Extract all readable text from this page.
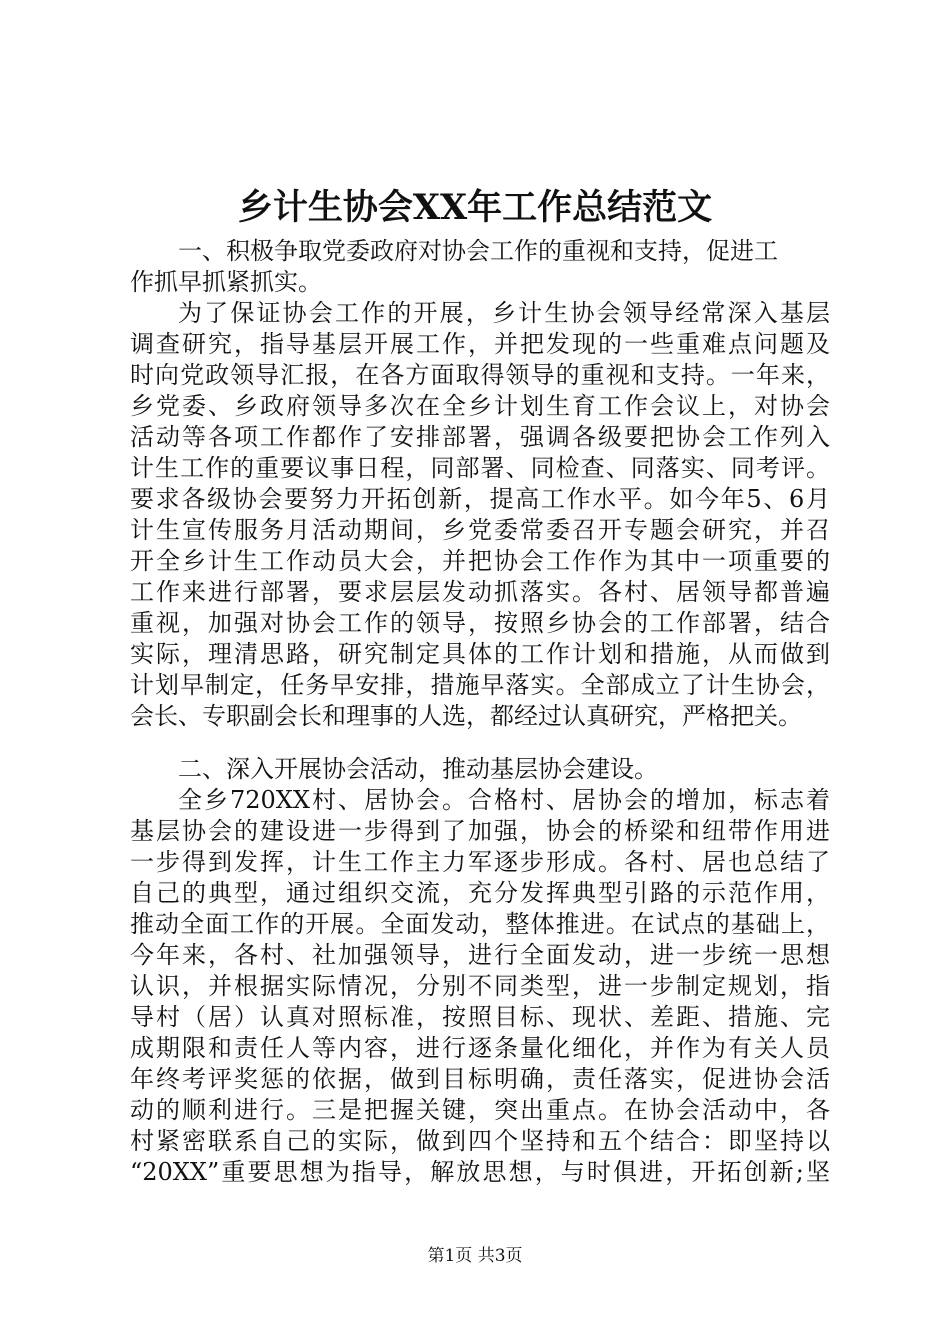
乡计生协会XX年工作总结范文
一、积极争取党委政府对协会工作的重视和支持，促进工
作抓早抓紧抓实。
为了保证协会工作的开展，乡计生协会领导经常深入基层
调查研究，指导基层开展工作，并把发现的一些重难点问题及
时向党政领导汇报，在各方面取得领导的重视和支持。一年来，
乡党委、乡政府领导多次在全乡计划生育工作会议上，对协会
活动等各项工作都作了安排部署，强调各级要把协会工作列入
计生工作的重要议事日程，同部署、同检查、同落实、同考评。
要求各级协会要努力开拓创新，提高工作水平。如今年5、6月
计生宣传服务月活动期间，乡党委常委召开专题会研究，并召
开全乡计生工作动员大会，并把协会工作作为其中一项重要的
工作来进行部署，要求层层发动抓落实。各村、居领导都普遍
重视，加强对协会工作的领导，按照乡协会的工作部署，结合
实际，理清思路，研究制定具体的工作计划和措施，从而做到
计划早制定，任务早安排，措施早落实。全部成立了计生协会，
会长、专职副会长和理事的人选，都经过认真研究，严格把关。
二、深入开展协会活动，推动基层协会建设。
全乡720XX村、居协会。合格村、居协会的增加，标志着
基层协会的建设进一步得到了加强，协会的桥梁和纽带作用进
一步得到发挥，计生工作主力军逐步形成。各村、居也总结了
自己的典型，通过组织交流，充分发挥典型引路的示范作用，
推动全面工作的开展。全面发动，整体推进。在试点的基础上，
今年来，各村、社加强领导，进行全面发动，进一步统一思想
认识，并根据实际情况，分别不同类型，进一步制定规划，指
导村（居）认真对照标准，按照目标、现状、差距、措施、完
成期限和责任人等内容，进行逐条量化细化，并作为有关人员
年终考评奖惩的依据，做到目标明确，责任落实，促进协会活
动的顺利进行。三是把握关键，突出重点。在协会活动中，各
村紧密联系自己的实际，做到四个坚持和五个结合：即坚持以
“20XX”重要思想为指导，解放思想，与时俱进，开拓创新;坚
第1页 共3页
